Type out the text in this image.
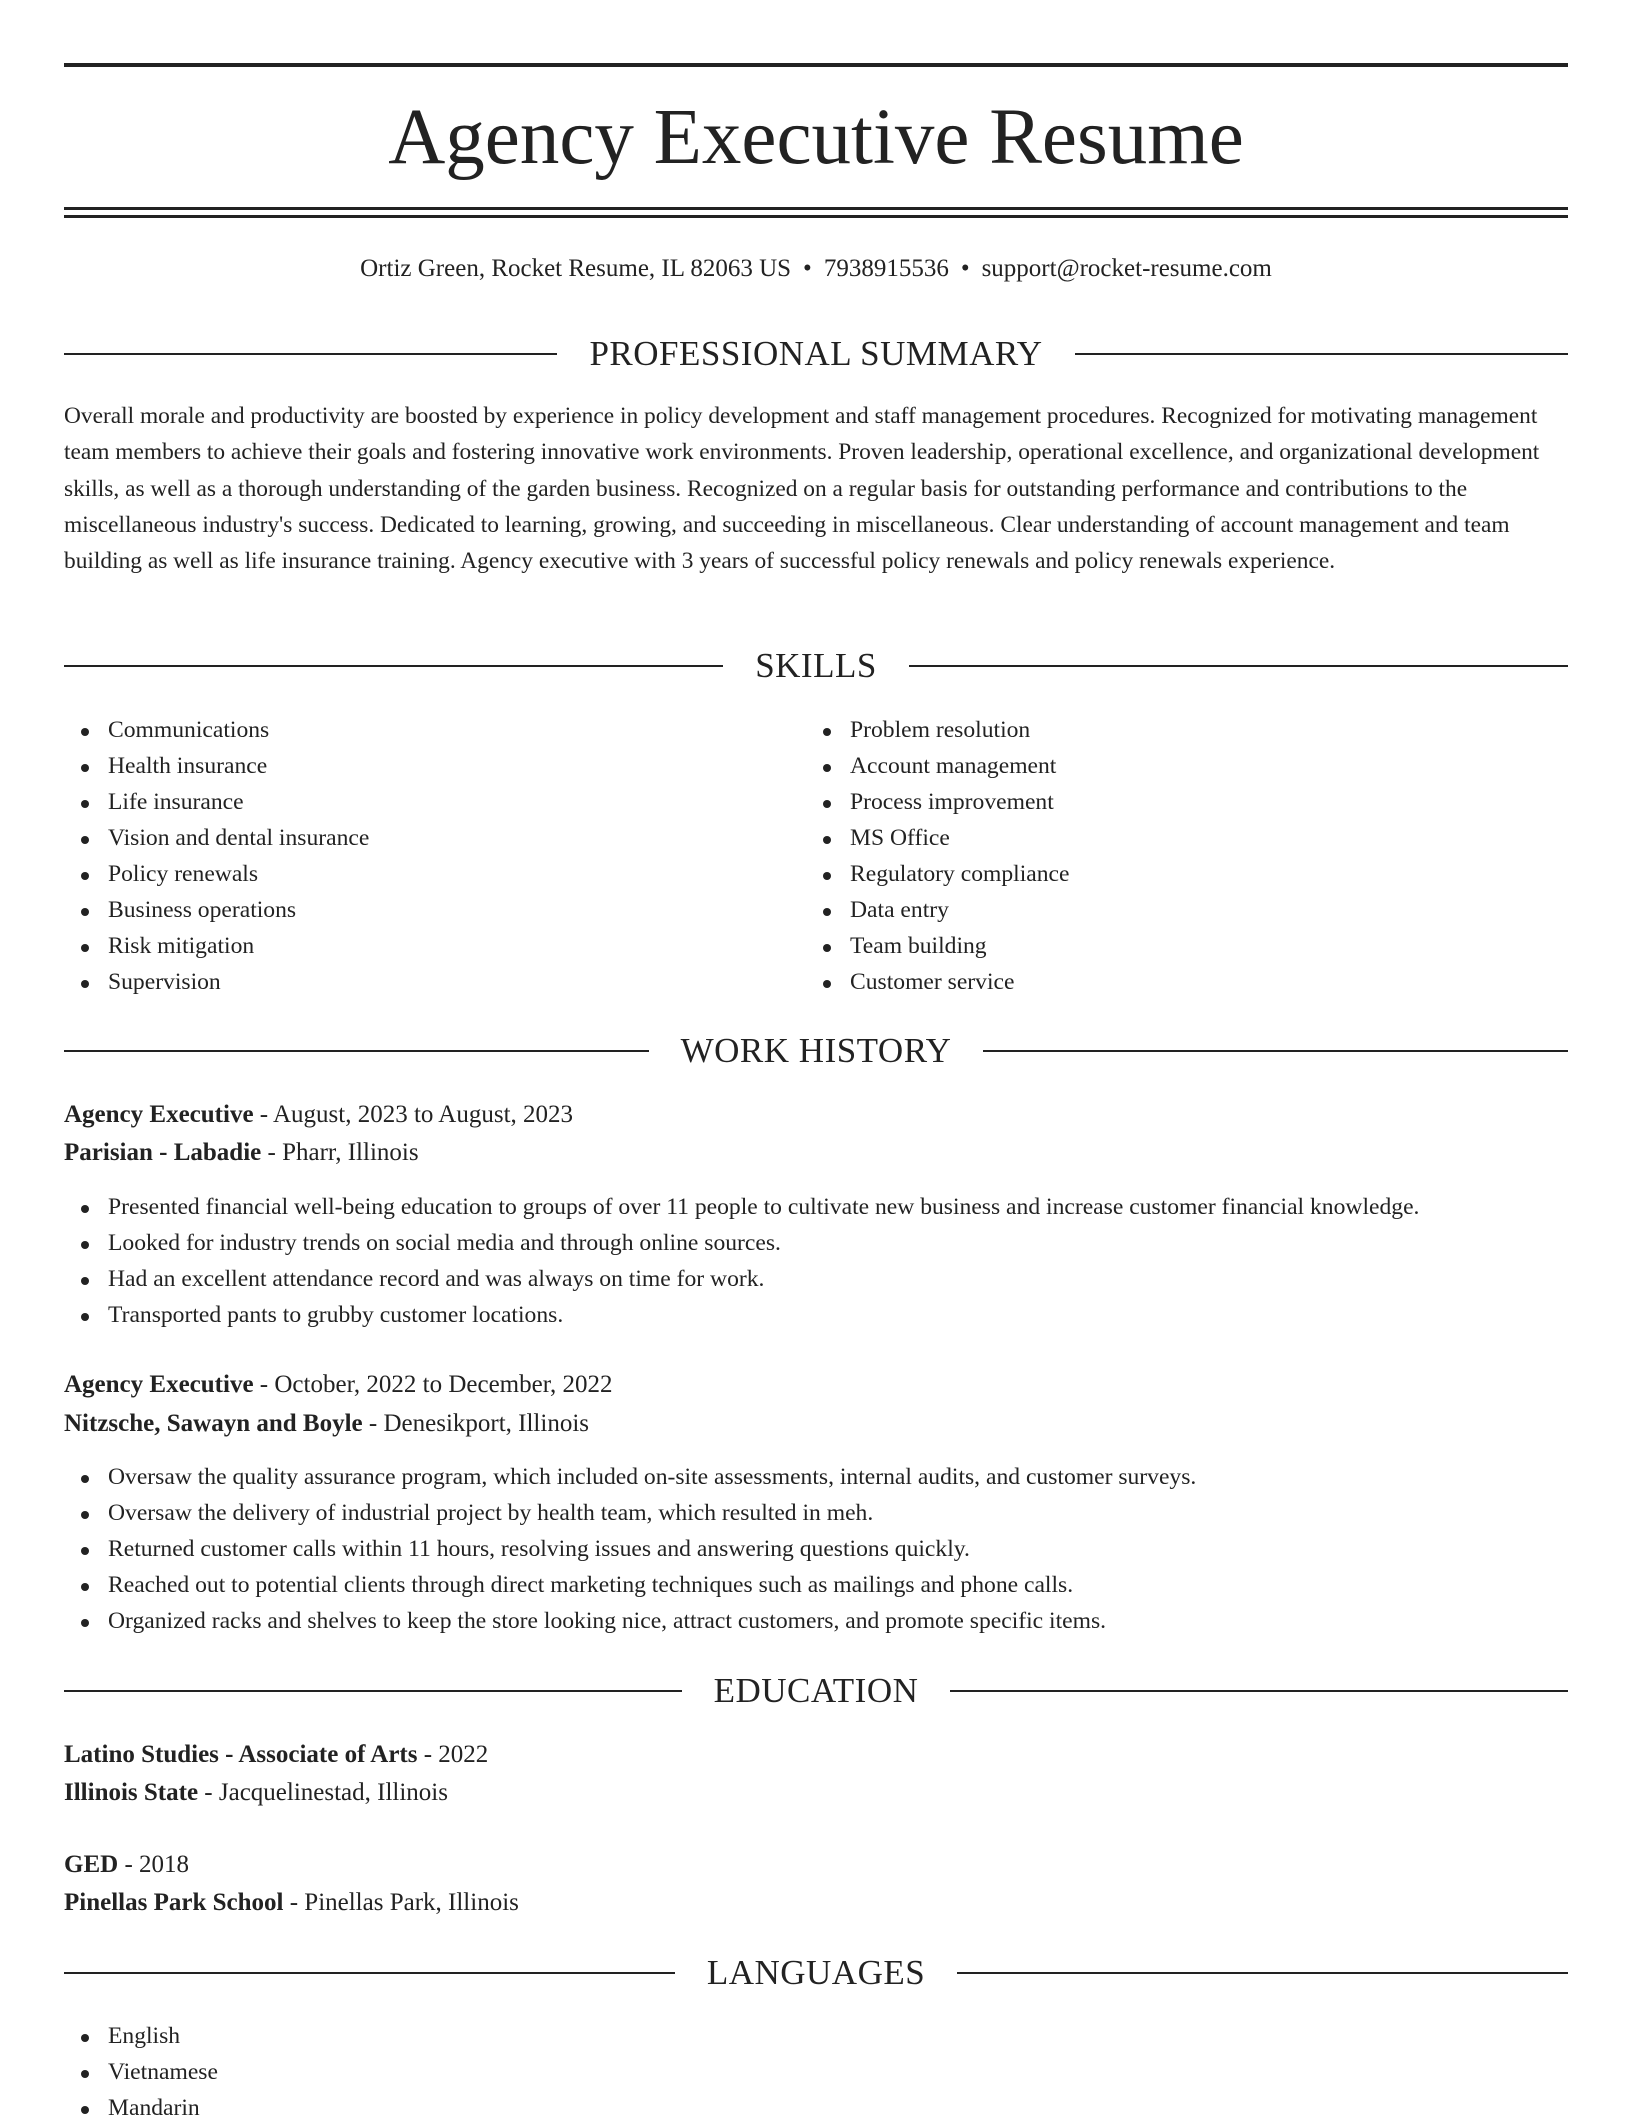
Agency Executive Resume
Ortiz Green, Rocket Resume, IL 82063 US • 7938915536 • support@rocket-resume.com
PROFESSIONAL SUMMARY

Overall morale and productivity are boosted by experience in policy development and staff management procedures. Recognized for motivating management team members to achieve their goals and fostering innovative work environments. Proven leadership, operational excellence, and organizational development skills, as well as a thorough understanding of the garden business. Recognized on a regular basis for outstanding performance and contributions to the miscellaneous industry's success. Dedicated to learning, growing, and succeeding in miscellaneous. Clear understanding of account management and team building as well as life insurance training. Agency executive with 3 years of successful policy renewals and policy renewals experience.

SKILLS
Communications
Health insurance
Life insurance
Vision and dental insurance
Policy renewals
Business operations
Risk mitigation
Supervision
Problem resolution
Account management
Process improvement
MS Office
Regulatory compliance
Data entry
Team building
Customer service
WORK HISTORY
Agency Executive - August, 2023 to August, 2023
Parisian - Labadie - Pharr, Illinois
Presented financial well-being education to groups of over 11 people to cultivate new business and increase customer financial knowledge.
Looked for industry trends on social media and through online sources.
Had an excellent attendance record and was always on time for work.
Transported pants to grubby customer locations.
Agency Executive - October, 2022 to December, 2022
Nitzsche, Sawayn and Boyle - Denesikport, Illinois
Oversaw the quality assurance program, which included on-site assessments, internal audits, and customer surveys.
Oversaw the delivery of industrial project by health team, which resulted in meh.
Returned customer calls within 11 hours, resolving issues and answering questions quickly.
Reached out to potential clients through direct marketing techniques such as mailings and phone calls.
Organized racks and shelves to keep the store looking nice, attract customers, and promote specific items.
EDUCATION
Latino Studies - Associate of Arts - 2022
Illinois State - Jacquelinestad, Illinois
GED - 2018
Pinellas Park School - Pinellas Park, Illinois
LANGUAGES
English
Vietnamese
Mandarin
